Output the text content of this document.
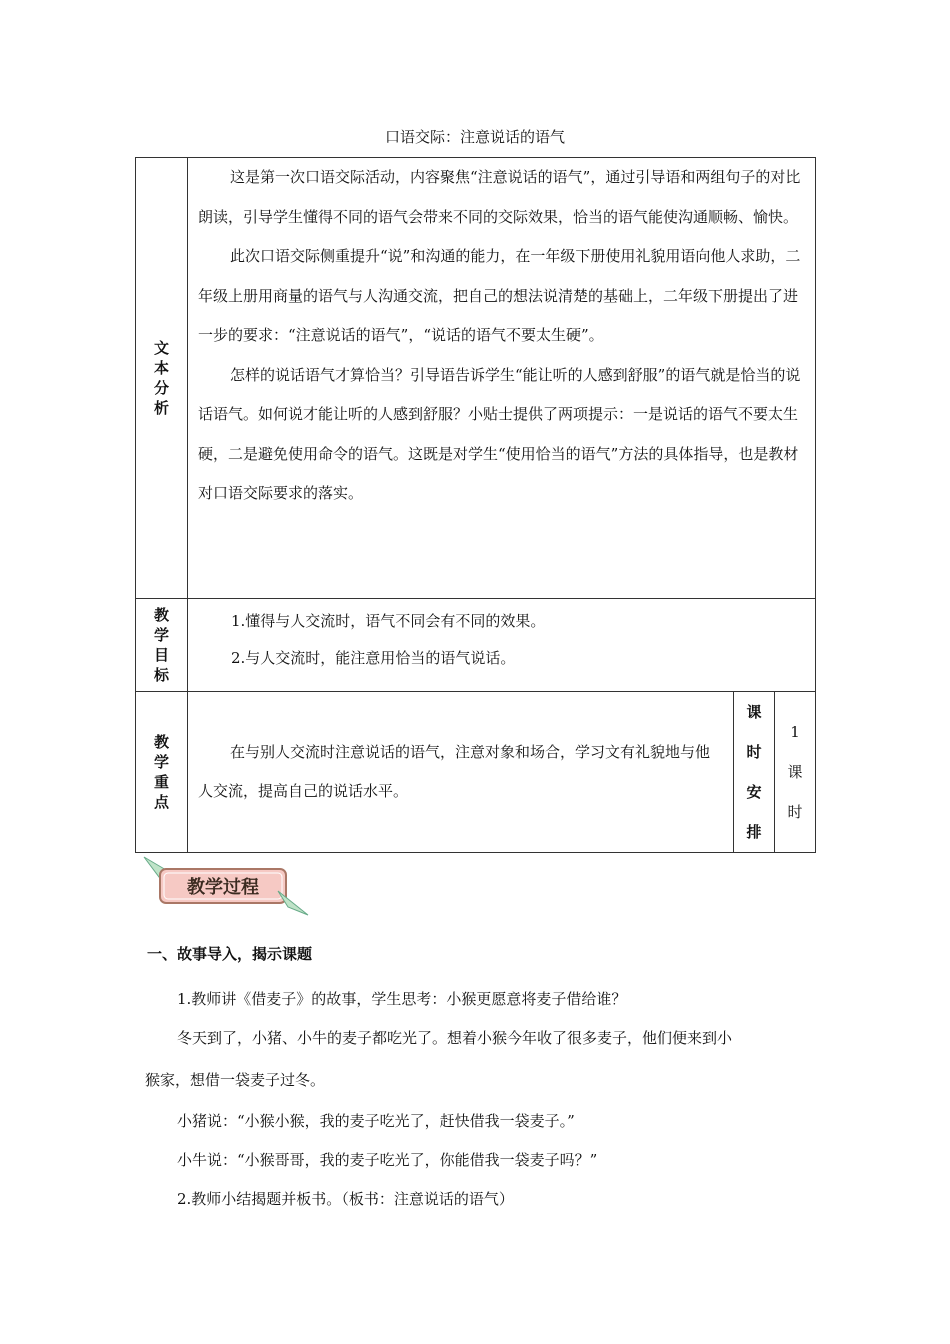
口语交际：注意说话的语气
文本分析	这是第一次口语交际活动，内容聚焦“注意说话的语气”，通过引导语和两组句子的对比朗读，引导学生懂得不同的语气会带来不同的交际效果，恰当的语气能使沟通顺畅、愉快。

此次口语交际侧重提升“说”和沟通的能力，在一年级下册使用礼貌用语向他人求助，二年级上册用商量的语气与人沟通交流，把自己的想法说清楚的基础上，二年级下册提出了进一步的要求：“注意说话的语气”，“说话的语气不要太生硬”。

怎样的说话语气才算恰当？引导语告诉学生“能让听的人感到舒服”的语气就是恰当的说话语气。如何说才能让听的人感到舒服？小贴士提供了两项提示：一是说话的语气不要太生硬，二是避免使用命令的语气。这既是对学生“使用恰当的语气”方法的具体指导，也是教材对口语交际要求的落实。		

教学目标	1.懂得与人交流时，语气不同会有不同的效果。

2.与人交流时，能注意用恰当的语气说话。		

教学重点	在与别人交流时注意说话的语气，注意对象和场合，学习文有礼貌地与他人交流，提高自己的说话水平。	课时安排	1课时
教学过程
一、故事导入，揭示课题

1.教师讲《借麦子》的故事，学生思考：小猴更愿意将麦子借给谁？

冬天到了，小猪、小牛的麦子都吃光了。想着小猴今年收了很多麦子，他们便来到小

猴家，想借一袋麦子过冬。

小猪说：“小猴小猴，我的麦子吃光了，赶快借我一袋麦子。”

小牛说：“小猴哥哥，我的麦子吃光了，你能借我一袋麦子吗？”

2.教师小结揭题并板书。（板书：注意说话的语气）
